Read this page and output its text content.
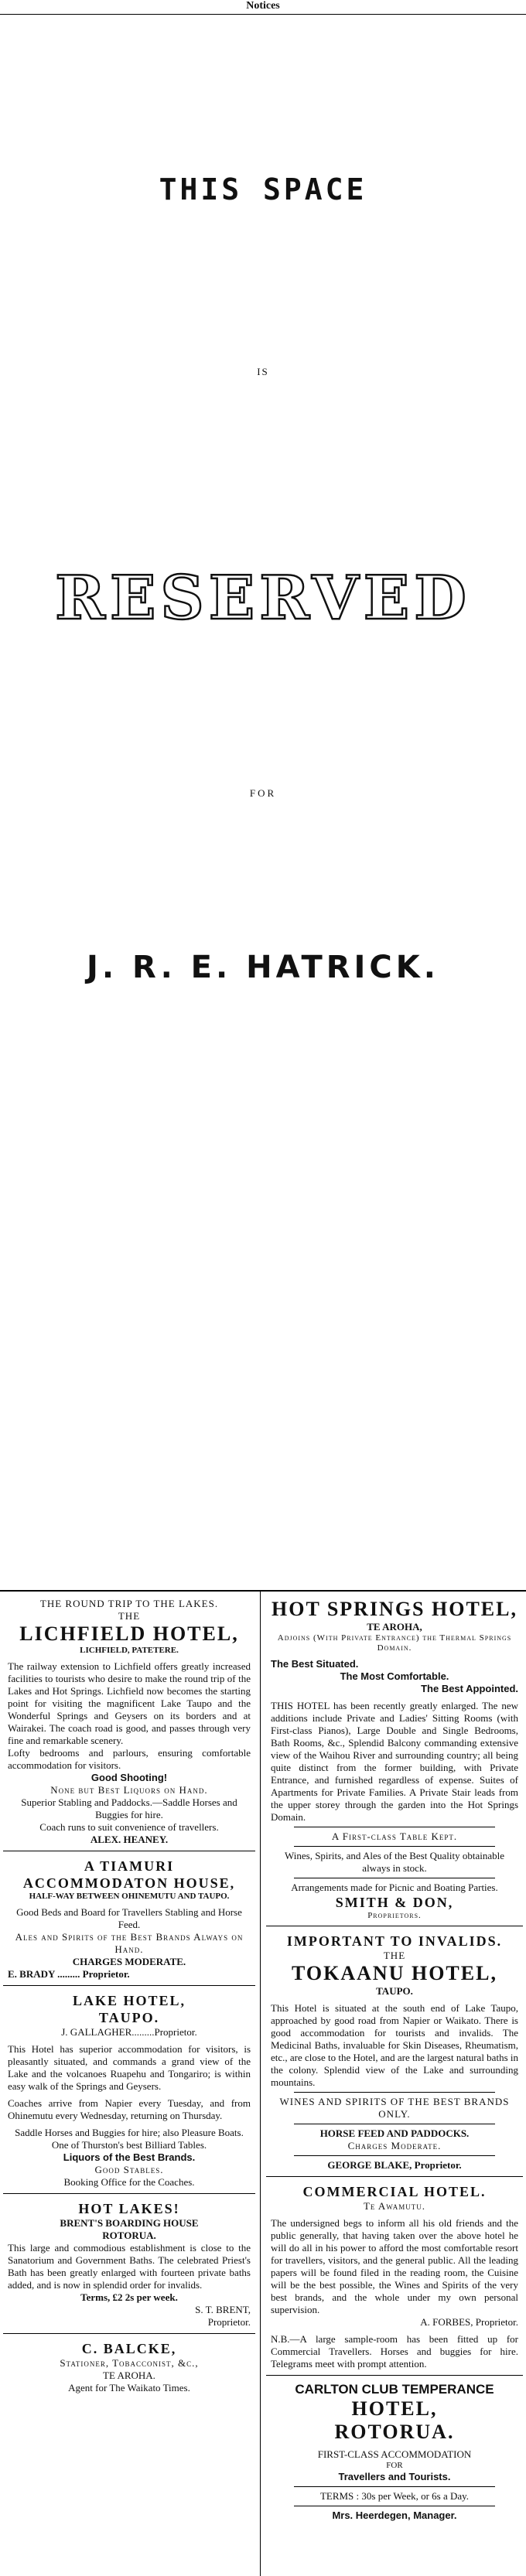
Notices
THIS SPACE
IS
RESERVED
FOR
J. R. E. HATRICK.

THE ROUND TRIP TO THE LAKES.

THE

LICHFIELD HOTEL,

LICHFIELD, PATETERE.

The railway extension to Lichfield offers greatly increased facilities to tourists who desire to make the round trip of the Lakes and Hot Springs. Lichfield now becomes the starting point for visiting the magnificent Lake Taupo and the Wonderful Springs and Geysers on its borders and at Wairakei. The coach road is good, and passes through very fine and remarkable scenery.

Lofty bedrooms and parlours, ensuring comfortable accommodation for visitors.

Good Shooting!

None but Best Liquors on Hand.

Superior Stabling and Paddocks.—Saddle Horses and Buggies for hire.

Coach runs to suit convenience of travellers.

ALEX. HEANEY.

A TIAMURI

ACCOMMODATON HOUSE,

HALF-WAY BETWEEN OHINEMUTU AND TAUPO.

Good Beds and Board for Travellers Stabling and Horse Feed.

Ales and Spirits of the Best Brands Always on Hand.

CHARGES MODERATE.

E. BRADY ......... Proprietor.

LAKE HOTEL,

TAUPO.

J. GALLAGHER.........Proprietor.

This Hotel has superior accommodation for visitors, is pleasantly situated, and commands a grand view of the Lake and the volcanoes Ruapehu and Tongariro; is within easy walk of the Springs and Geysers.

Coaches arrive from Napier every Tuesday, and from Ohinemutu every Wednesday, returning on Thursday.

Saddle Horses and Buggies for hire; also Pleasure Boats.

One of Thurston's best Billiard Tables.

Liquors of the Best Brands.

Good Stables.

Booking Office for the Coaches.

HOT LAKES!

BRENT'S BOARDING HOUSE

ROTORUA.

This large and commodious establishment is close to the Sanatorium and Government Baths. The celebrated Priest's Bath has been greatly enlarged with fourteen private baths added, and is now in splendid order for invalids.

Terms, £2 2s per week.

S. T. BRENT,

Proprietor.

C. BALCKE,

Stationer, Tobacconist, &c.,

TE AROHA.

Agent for The Waikato Times.

HOT SPRINGS HOTEL,

TE AROHA,

Adjoins (With Private Entrance) the Thermal Springs Domain.

The Best Situated.

The Most Comfortable.

The Best Appointed.

THIS HOTEL has been recently greatly enlarged. The new additions include Private and Ladies' Sitting Rooms (with First-class Pianos), Large Double and Single Bedrooms, Bath Rooms, &c., Splendid Balcony commanding extensive view of the Waihou River and surrounding country; all being quite distinct from the former building, with Private Entrance, and furnished regardless of expense. Suites of Apartments for Private Families. A Private Stair leads from the upper storey through the garden into the Hot Springs Domain.

A First-class Table Kept.

Wines, Spirits, and Ales of the Best Quality obtainable always in stock.

Arrangements made for Picnic and Boating Parties.

SMITH & DON,

Proprietors.

IMPORTANT TO INVALIDS.

THE

TOKAANU HOTEL,

TAUPO.

This Hotel is situated at the south end of Lake Taupo, approached by good road from Napier or Waikato. There is good accommodation for tourists and invalids. The Medicinal Baths, invaluable for Skin Diseases, Rheumatism, etc., are close to the Hotel, and are the largest natural baths in the colony. Splendid view of the Lake and surrounding mountains.

WINES AND SPIRITS OF THE BEST BRANDS ONLY.

HORSE FEED AND PADDOCKS.

Charges Moderate.

GEORGE BLAKE, Proprietor.

COMMERCIAL HOTEL.

Te Awamutu.

The undersigned begs to inform all his old friends and the public generally, that having taken over the above hotel he will do all in his power to afford the most comfortable resort for travellers, visitors, and the general public. All the leading papers will be found filed in the reading room, the Cuisine will be the best possible, the Wines and Spirits of the very best brands, and the whole under my own personal supervision.

A. FORBES, Proprietor.

N.B.—A large sample-room has been fitted up for Commercial Travellers. Horses and buggies for hire. Telegrams meet with prompt attention.

CARLTON CLUB TEMPERANCE

HOTEL,

ROTORUA.

FIRST-CLASS ACCOMMODATION

FOR

Travellers and Tourists.

TERMS : 30s per Week, or 6s a Day.

Mrs. Heerdegen, Manager.
